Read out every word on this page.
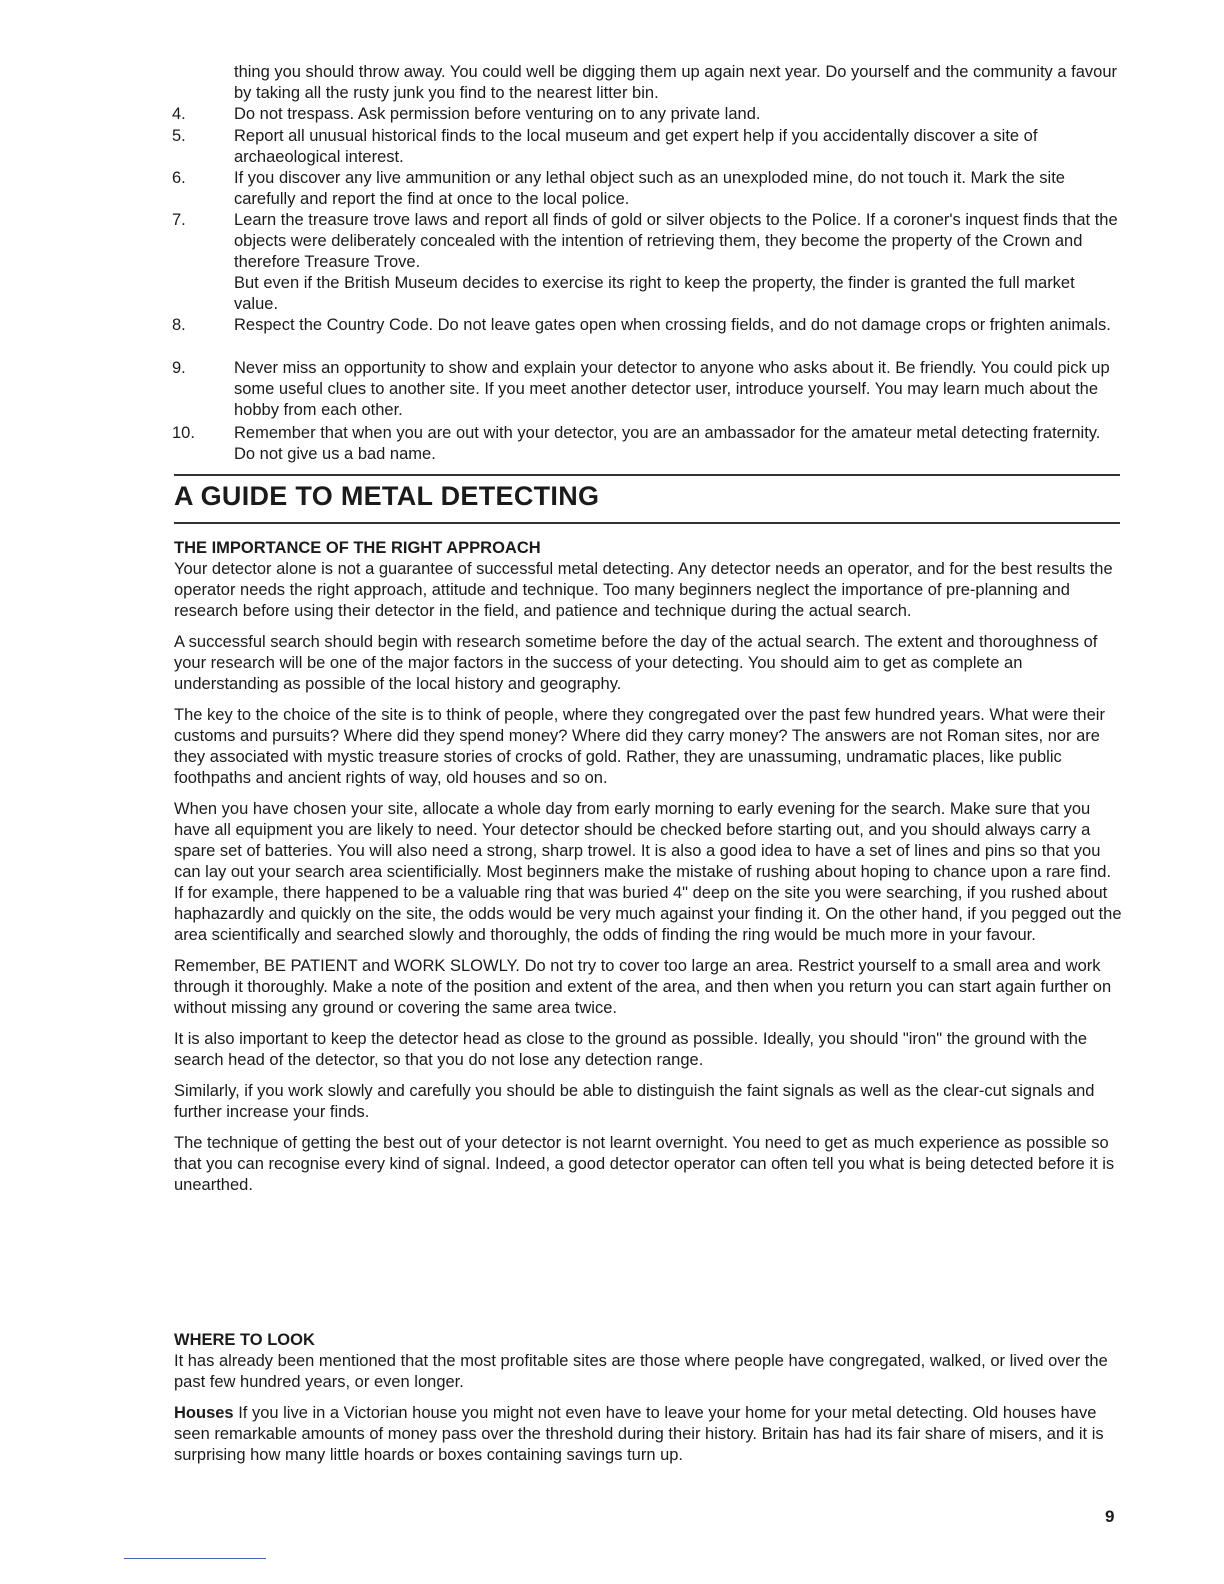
thing you should throw away. You could well be digging them up again next year. Do yourself and the community a favour by taking all the rusty junk you find to the nearest litter bin.
4.	Do not trespass. Ask permission before venturing on to any private land.

5.	Report all unusual historical finds to the local museum and get expert help if you accidentally discover a site of archaeological interest.

6.	If you discover any live ammunition or any lethal object such as an unexploded mine, do not touch it. Mark the site carefully and report the find at once to the local police.

7.	Learn the treasure trove laws and report all finds of gold or silver objects to the Police. If a coroner's inquest finds that the objects were deliberately concealed with the intention of retrieving them, they become the property of the Crown and therefore Treasure Trove.

But even if the British Museum decides to exercise its right to keep the property, the finder is granted the full market value.

8.	Respect the Country Code. Do not leave gates open when crossing fields, and do not damage crops or frighten animals.

9.	Never miss an opportunity to show and explain your detector to anyone who asks about it. Be friendly. You could pick up some useful clues to another site. If you meet another detector user, introduce yourself. You may learn much about the hobby from each other.

10. Remember that when you are out with your detector, you are an ambassador for the amateur metal detecting fraternity. Do not give us a bad name.

A GUIDE TO METAL DETECTING
THE IMPORTANCE OF THE RIGHT APPROACH

Your detector alone is not a guarantee of successful metal detecting. Any detector needs an operator, and for the best results the operator needs the right approach, attitude and technique. Too many beginners neglect the importance of pre-planning and research before using their detector in the field, and patience and technique during the actual search.

A successful search should begin with research sometime before the day of the actual search. The extent and thoroughness of your research will be one of the major factors in the success of your detecting. You should aim to get as complete an understanding as possible of the local history and geography.

The key to the choice of the site is to think of people, where they congregated over the past few hundred years. What were their customs and pursuits? Where did they spend money? Where did they carry money? The answers are not Roman sites, nor are they associated with mystic treasure stories of crocks of gold. Rather, they are unassuming, undramatic places, like public foothpaths and ancient rights of way, old houses and so on.

When you have chosen your site, allocate a whole day from early morning to early evening for the search. Make sure that you have all equipment you are likely to need. Your detector should be checked before starting out, and you should always carry a spare set of batteries. You will also need a strong, sharp trowel. It is also a good idea to have a set of lines and pins so that you can lay out your search area scientificially. Most beginners make the mistake of rushing about hoping to chance upon a rare find. If for example, there happened to be a valuable ring that was buried 4" deep on the site you were searching, if you rushed about haphazardly and quickly on the site, the odds would be very much against your finding it. On the other hand, if you pegged out the area scientifically and searched slowly and thoroughly, the odds of finding the ring would be much more in your favour.

Remember, BE PATIENT and WORK SLOWLY. Do not try to cover too large an area. Restrict yourself to a small area and work through it thoroughly. Make a note of the position and extent of the area, and then when you return you can start again further on without missing any ground or covering the same area twice.

It is also important to keep the detector head as close to the ground as possible. Ideally, you should "iron" the ground with the search head of the detector, so that you do not lose any detection range.

Similarly, if you work slowly and carefully you should be able to distinguish the faint signals as well as the clear-cut signals and further increase your finds.

The technique of getting the best out of your detector is not learnt overnight. You need to get as much experience as possible so that you can recognise every kind of signal. Indeed, a good detector operator can often tell you what is being detected before it is unearthed.

WHERE TO LOOK

It has already been mentioned that the most profitable sites are those where people have congregated, walked, or lived over the past few hundred years, or even longer.

Houses If you live in a Victorian house you might not even have to leave your home for your metal detecting. Old houses have seen remarkable amounts of money pass over the threshold during their history. Britain has had its fair share of misers, and it is surprising how many little hoards or boxes containing savings turn up.

9
